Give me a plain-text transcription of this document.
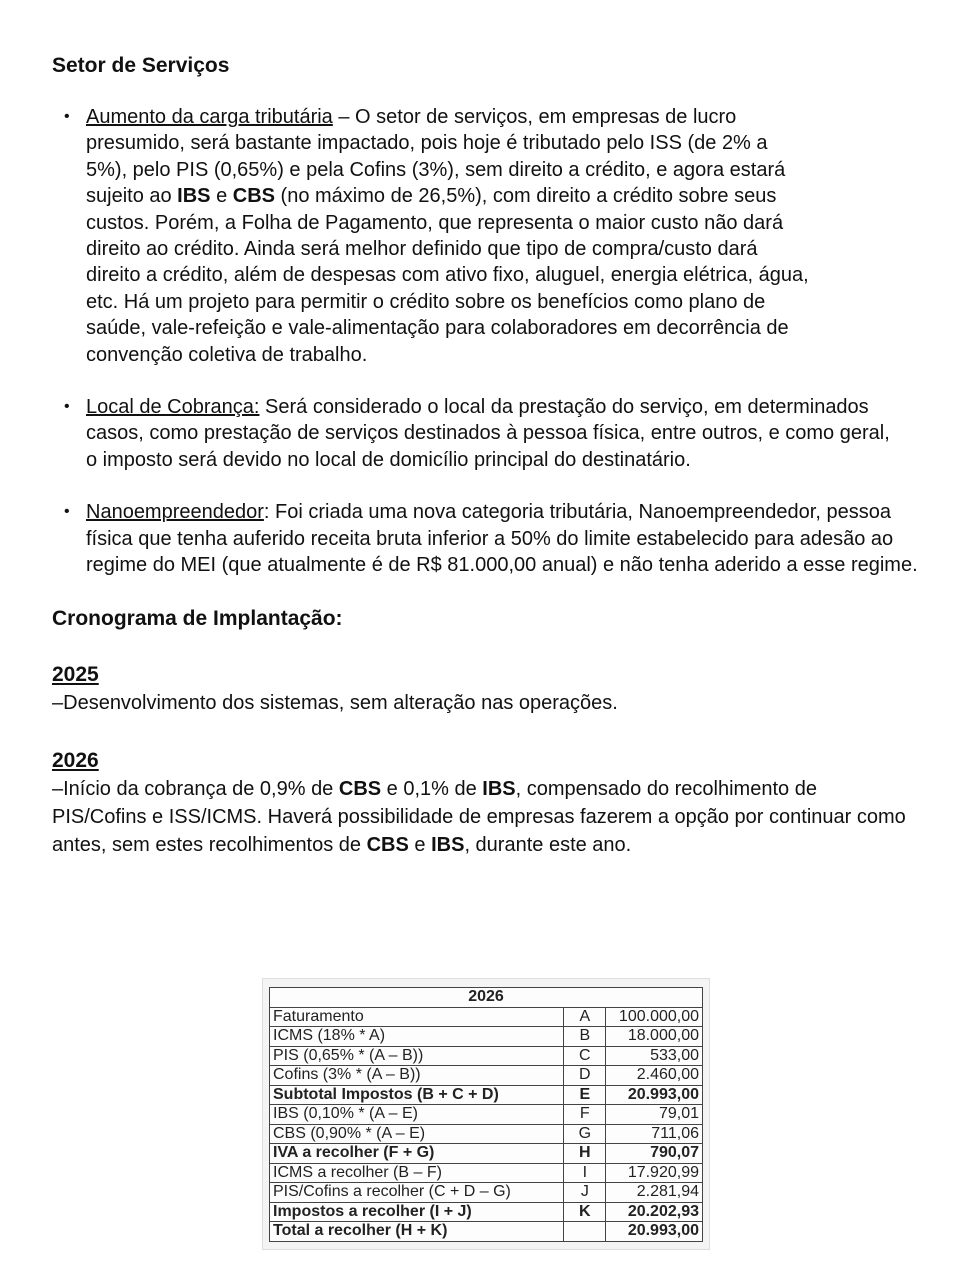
Setor de Serviços

• Aumento da carga tributária – O setor de serviços, em empresas de lucro
presumido, será bastante impactado, pois hoje é tributado pelo ISS (de 2% a
5%), pelo PIS (0,65%) e pela Cofins (3%), sem direito a crédito, e agora estará
sujeito ao IBS e CBS (no máximo de 26,5%), com direito a crédito sobre seus
custos. Porém, a Folha de Pagamento, que representa o maior custo não dará
direito ao crédito. Ainda será melhor definido que tipo de compra/custo dará
direito a crédito, além de despesas com ativo fixo, aluguel, energia elétrica, água,
etc. Há um projeto para permitir o crédito sobre os benefícios como plano de
saúde, vale-refeição e vale-alimentação para colaboradores em decorrência de
convenção coletiva de trabalho.
• Local de Cobrança: Será considerado o local da prestação do serviço, em determinados casos, como prestação de serviços destinados à pessoa física, entre outros, e como geral, o imposto será devido no local de domicílio principal do destinatário.
• Nanoempreendedor: Foi criada uma nova categoria tributária, Nanoempreendedor, pessoa física que tenha auferido receita bruta inferior a 50% do limite estabelecido para adesão ao regime do MEI (que atualmente é de R$ 81.000,00 anual) e não tenha aderido a esse regime.

Cronograma de Implantação:

2025

–Desenvolvimento dos sistemas, sem alteração nas operações.

2026

–Início da cobrança de 0,9% de CBS e 0,1% de IBS, compensado do recolhimento de PIS/Cofins e ISS/ICMS. Haverá possibilidade de empresas fazerem a opção por continuar como antes, sem estes recolhimentos de CBS e IBS, durante este ano.

2026		
Faturamento	A	100.000,00
ICMS (18% * A)	B	18.000,00
PIS (0,65% * (A – B))	C	533,00
Cofins (3% * (A – B))	D	2.460,00
Subtotal Impostos (B + C + D)	E	20.993,00
IBS (0,10% * (A – E)	F	79,01
CBS (0,90% * (A – E)	G	711,06
IVA a recolher (F + G)	H	790,07
ICMS a recolher (B – F)	I	17.920,99
PIS/Cofins a recolher (C + D – G)	J	2.281,94
Impostos a recolher (I + J)	K	20.202,93
Total a recolher (H + K)		20.993,00
